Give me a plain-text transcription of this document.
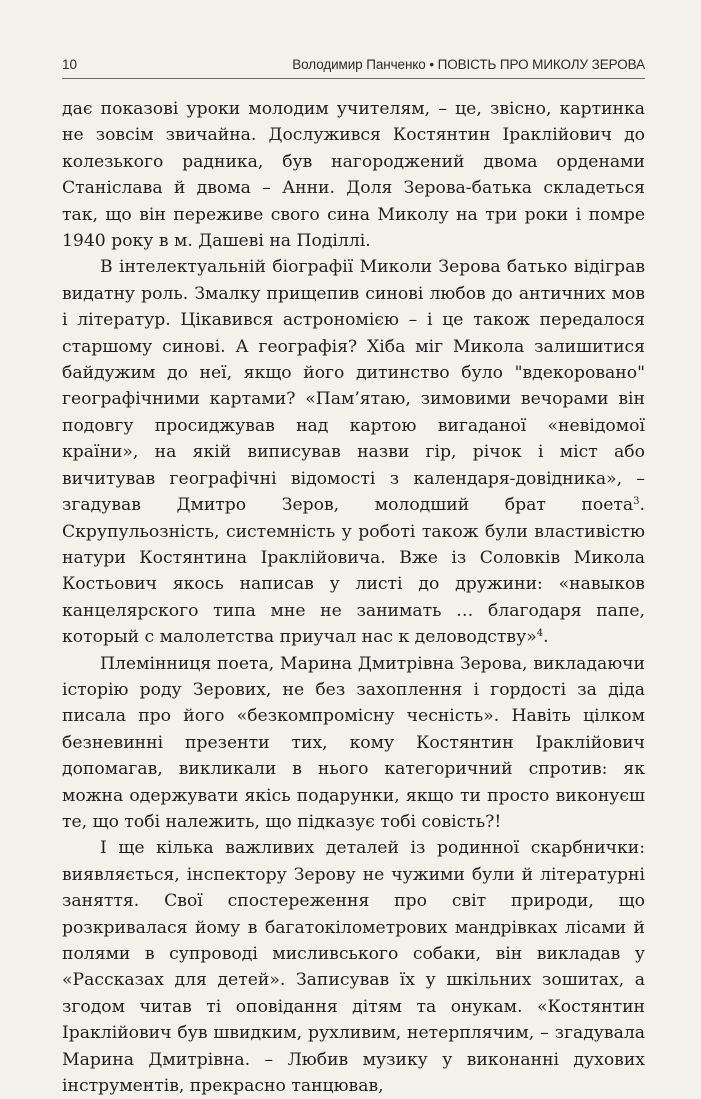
10	Володимир Панченко • ПОВІСТЬ ПРО МИКОЛУ ЗЕРОВА

дає показові уроки молодим учителям, – це, звісно, картинка не зовсім звичайна. Дослужився Костянтин Іраклійович до колезького радника, був нагороджений двома орденами Станіслава й двома – Анни. Доля Зерова-батька складеться так, що він переживе свого сина Миколу на три роки і помре 1940 року в м. Дашеві на Поділлі.

В інтелектуальній біографії Миколи Зерова батько відіграв видатну роль. Змалку прищепив синові любов до античних мов і літератур. Цікавився астрономією – і це також передалося старшому синові. А географія? Хіба міг Микола залишитися байдужим до неї, якщо його дитинство було "вдекоровано" географічними картами? «Пам’ятаю, зимовими вечорами він подовгу просиджував над картою вигаданої «невідомої країни», на якій виписував назви гір, річок і міст або вичитував географічні відомості з календаря-довідника», – згадував Дмитро Зеров, молодший брат поета$^3$. Скрупульозність, системність у роботі також були властивістю натури Костянтина Іраклійовича. Вже із Соловків Микола Костьович якось написав у листі до дружини: «навыков канцелярского типа мне не занимать … благодаря папе, который с малолетства приучал нас к деловодству»$^4$.

Племінниця поета, Марина Дмитрівна Зерова, викладаючи історію роду Зерових, не без захоплення і гордості за діда писала про його «безкомпромісну чесність». Навіть цілком безневинні презенти тих, кому Костянтин Іраклійович допомагав, викликали в нього категоричний спротив: як можна одержувати якісь подарунки, якщо ти просто виконуєш те, що тобі належить, що підказує тобі совість?!

І ще кілька важливих деталей із родинної скарбнички: виявляється, інспектору Зерову не чужими були й літературні заняття. Свої спостереження про світ природи, що розкривалася йому в багатокілометрових мандрівках лісами й полями в супроводі мисливського собаки, він викладав у «Рассказах для детей». Записував їх у шкільних зошитах, а згодом читав ті оповідання дітям та онукам. «Костянтин Іраклійович був швидким, рухливим, нетерплячим, – згадувала Марина Дмитрівна. – Любив музику у виконанні духових інструментів, прекрасно танцював,
